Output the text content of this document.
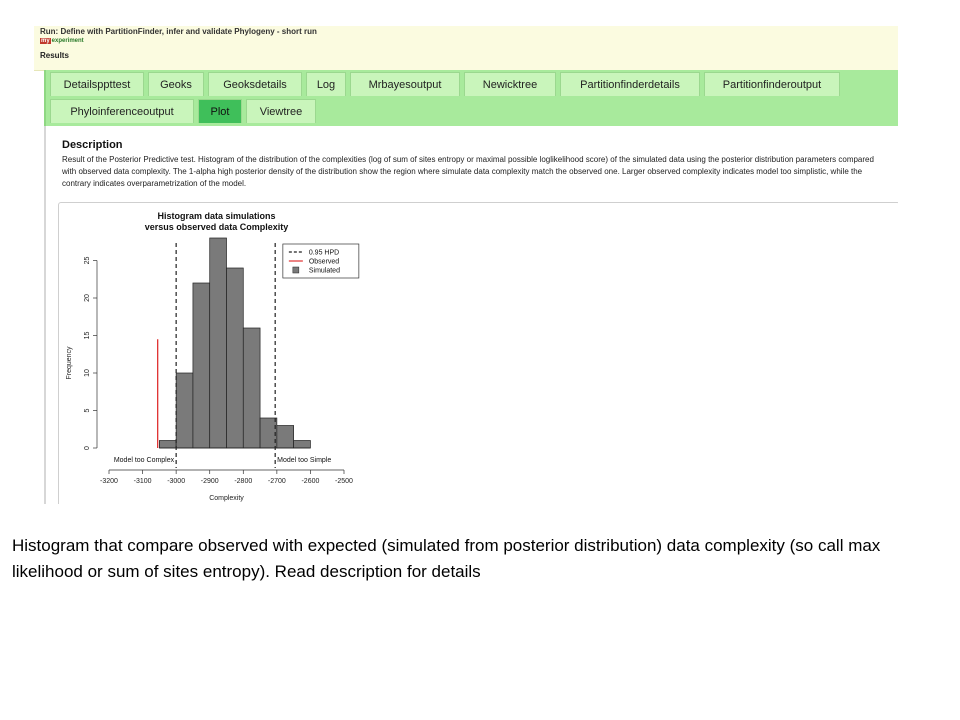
Run: Define with PartitionFinder, infer and validate Phylogeny - short run
my experiment
Results
Detailsppttest	Geoks	Geoksdetails	Log	Mrbayesoutput	Newicktree	Partitionfinderdetails	Partitionfinderoutput
Phyloinferenceoutput	Plot	Viewtree
Description
Result of the Posterior Predictive test. Histogram of the distribution of the complexities (log of sum of sites entropy or maximal possible loglikelihood score) of the simulated data using the posterior distribution parameters compared with observed data complexity. The 1-alpha high posterior density of the distribution show the region where simulate data complexity match the observed one. Larger observed complexity indicates model too simplistic, while the contrary indicates overparametrization of the model.
Histogram data simulations
versus observed data Complexity
0
5
10
15
20
25
Frequency
-3200 -3100 -3000 -2900 -2800 -2700 -2600 -2500
Complexity
Model too Complex	Model too Simple
0.95 HPD
Observed
Simulated
Histogram that compare observed with expected (simulated from posterior distribution) data complexity (so call max likelihood or sum of sites entropy). Read description for details
